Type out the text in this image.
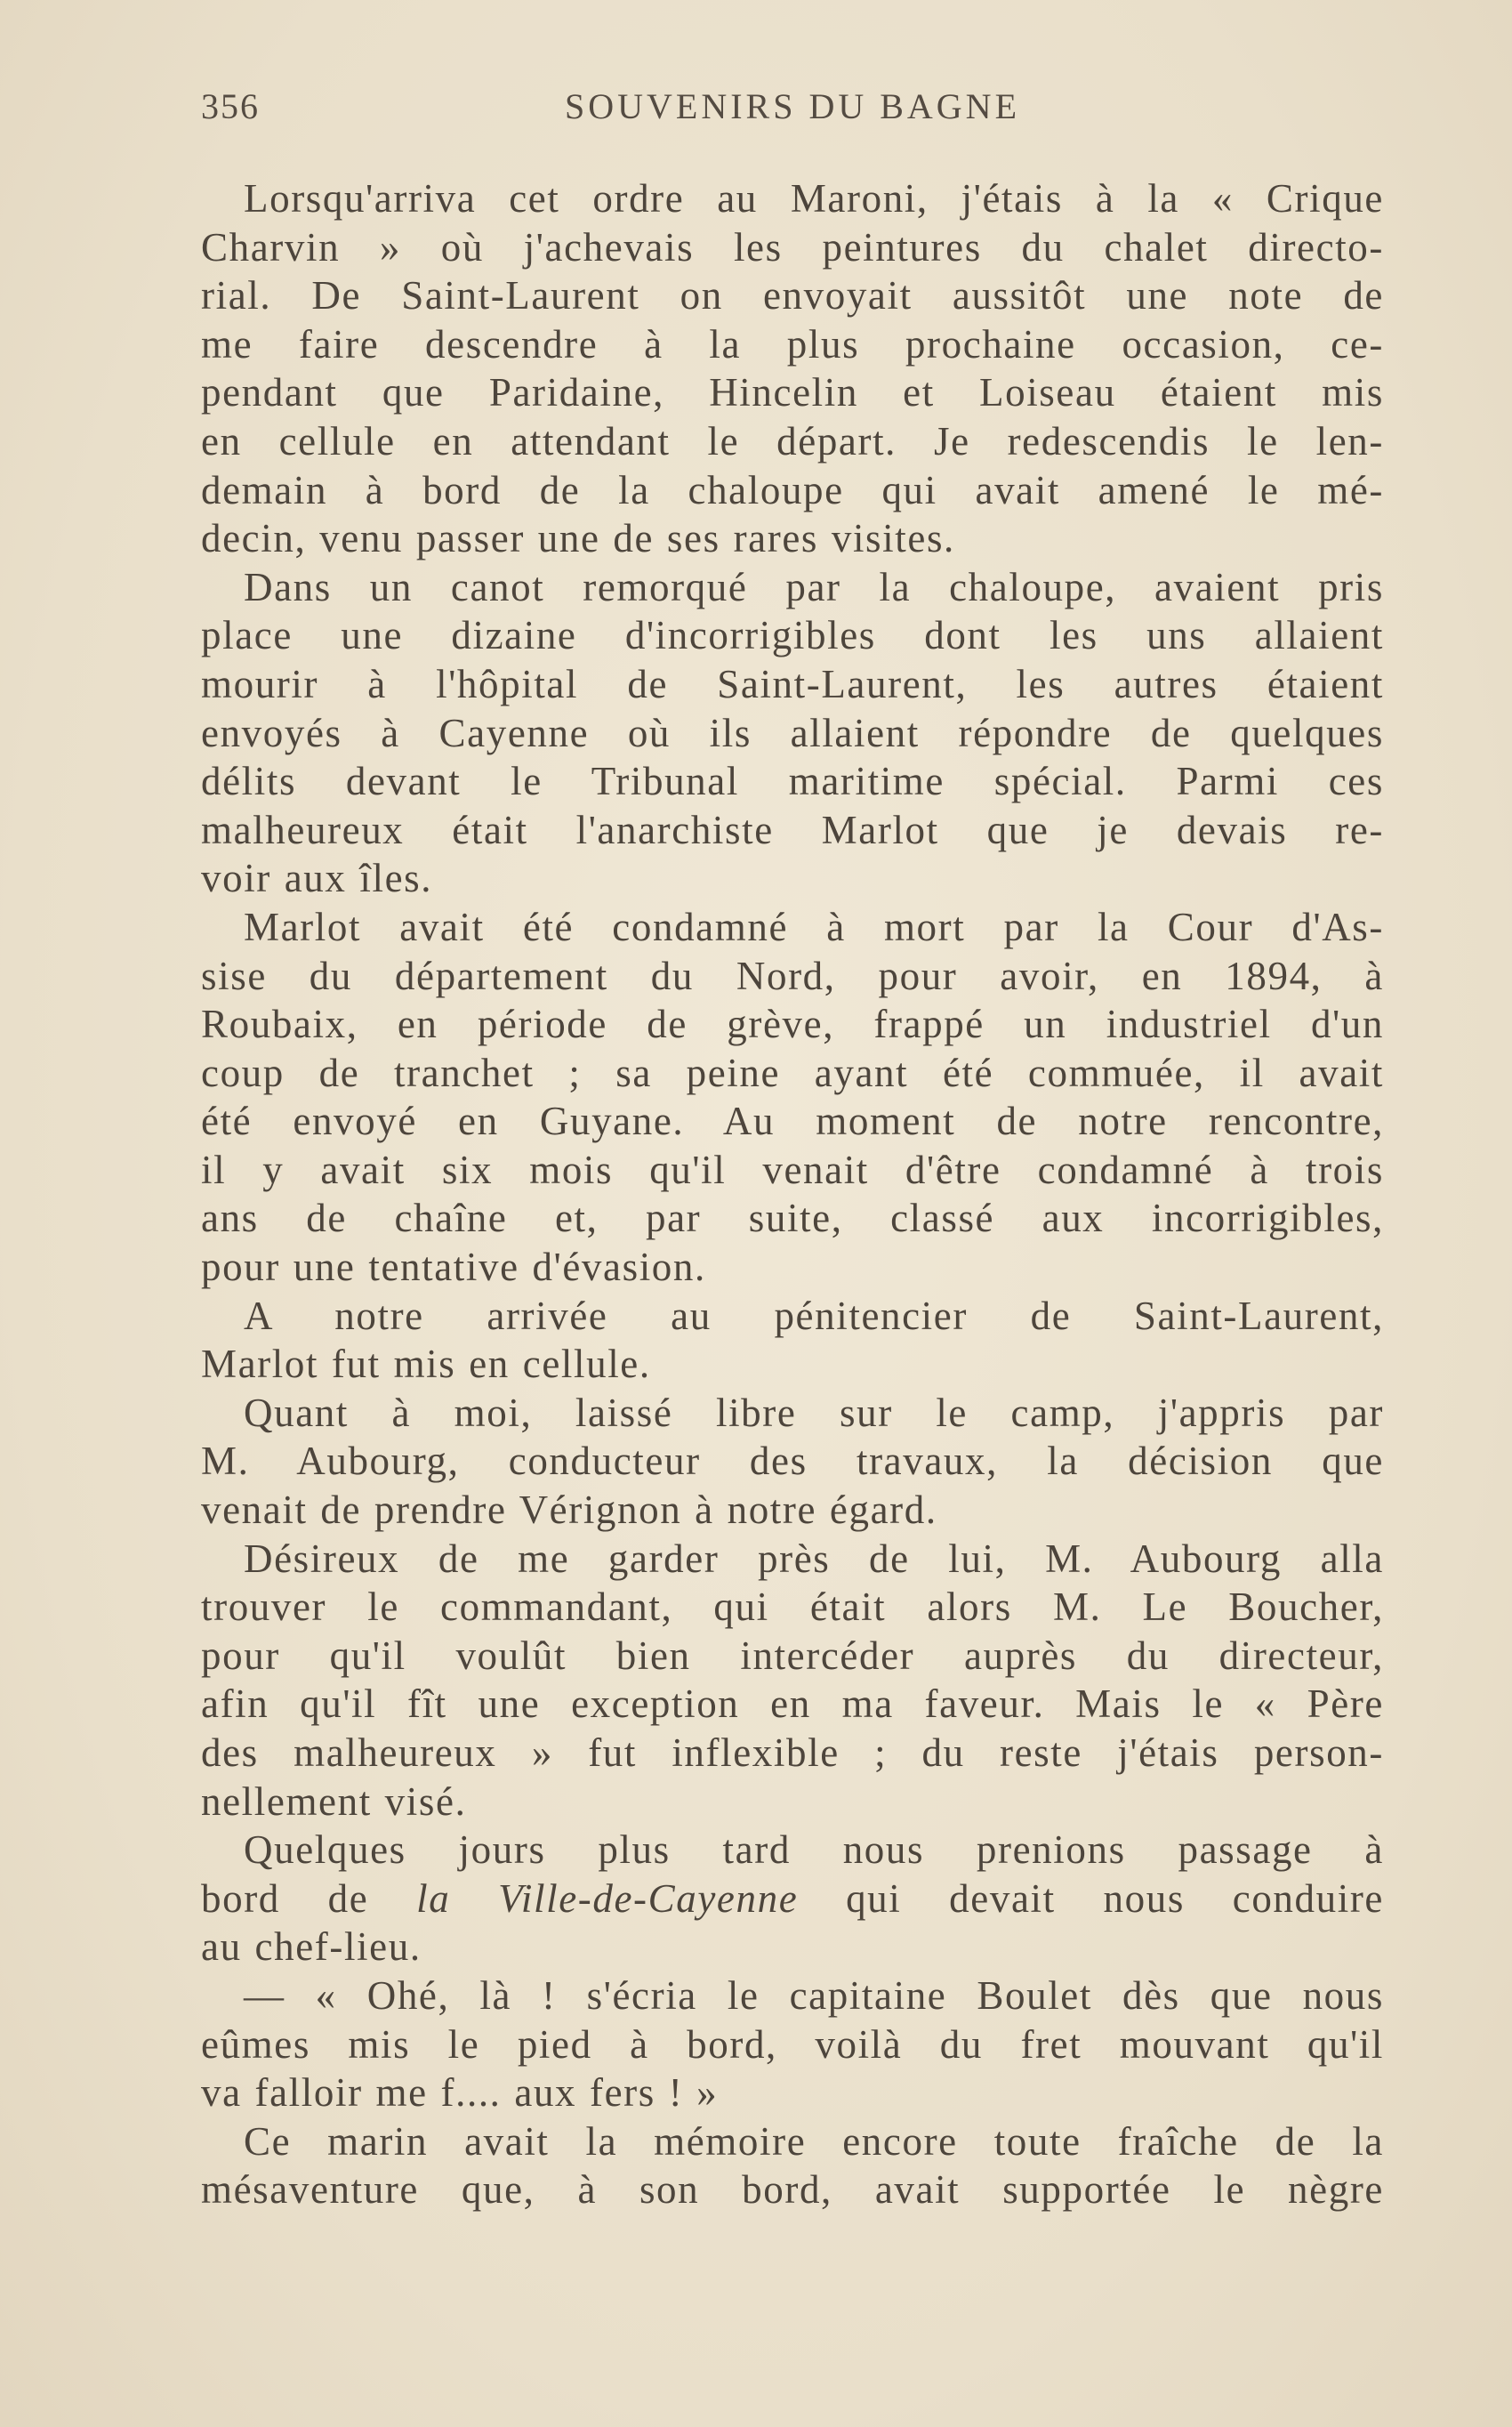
356	SOUVENIRS DU BAGNE
Lorsqu'arriva cet ordre au Maroni, j'étais à la « Crique
Charvin » où j'achevais les peintures du chalet directo-
rial. De Saint-Laurent on envoyait aussitôt une note de
me faire descendre à la plus prochaine occasion, ce-
pendant que Paridaine, Hincelin et Loiseau étaient mis
en cellule en attendant le départ. Je redescendis le len-
demain à bord de la chaloupe qui avait amené le mé-
decin, venu passer une de ses rares visites.
Dans un canot remorqué par la chaloupe, avaient pris
place une dizaine d'incorrigibles dont les uns allaient
mourir à l'hôpital de Saint-Laurent, les autres étaient
envoyés à Cayenne où ils allaient répondre de quelques
délits devant le Tribunal maritime spécial. Parmi ces
malheureux était l'anarchiste Marlot que je devais re-
voir aux îles.
Marlot avait été condamné à mort par la Cour d'As-
sise du département du Nord, pour avoir, en 1894, à
Roubaix, en période de grève, frappé un industriel d'un
coup de tranchet ; sa peine ayant été commuée, il avait
été envoyé en Guyane. Au moment de notre rencontre,
il y avait six mois qu'il venait d'être condamné à trois
ans de chaîne et, par suite, classé aux incorrigibles,
pour une tentative d'évasion.
A notre arrivée au pénitencier de Saint-Laurent,
Marlot fut mis en cellule.
Quant à moi, laissé libre sur le camp, j'appris par
M. Aubourg, conducteur des travaux, la décision que
venait de prendre Vérignon à notre égard.
Désireux de me garder près de lui, M. Aubourg alla
trouver le commandant, qui était alors M. Le Boucher,
pour qu'il voulût bien intercéder auprès du directeur,
afin qu'il fît une exception en ma faveur. Mais le « Père
des malheureux » fut inflexible ; du reste j'étais person-
nellement visé.
Quelques jours plus tard nous prenions passage à
bord de la Ville-de-Cayenne qui devait nous conduire
au chef-lieu.
— « Ohé, là ! s'écria le capitaine Boulet dès que nous
eûmes mis le pied à bord, voilà du fret mouvant qu'il
va falloir me f.... aux fers ! »
Ce marin avait la mémoire encore toute fraîche de la
mésaventure que, à son bord, avait supportée le nègre
